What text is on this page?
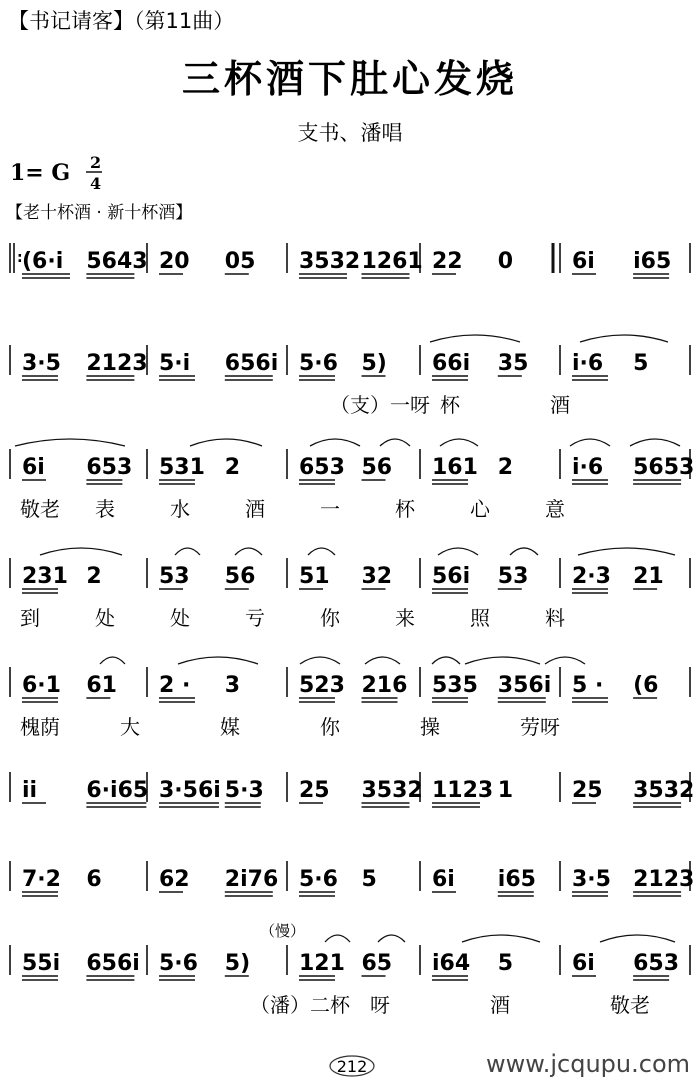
【书记请客】（第11曲）
三杯酒下肚心发烧
支书、潘唱
1= G 2
4
【老十杯酒 · 新十杯酒】
: (6·i 5643 20 05 3532 1261 22 0	6i i65
3·5 2123 5·i 656i 5·6 5) 66i 35 i·6 5
（支）一呀 杯	酒
6i 653 531 2	653 56 161 2	i·6 5653
敬老 表	水	酒	一	杯	心	意
231 2	53 56 51 32 56i 53 2·3 21
到	处	处	亏	你	来	照	料
6·1 61 2 · 3	523 216 535 356i 5 · (6
槐荫	大	媒	你	操	劳呀
ii 6·i65 3·56i 5·3 25 3532 1123 1	25 3532
7·2 6	62 2i76 5·6 5	6i i65 3·5 2123
55i 656i 5·6 5) 121 65 i64 5	6i 653
（潘）二杯 呀	酒	敬老
（慢）
212	www.jcqupu.com
